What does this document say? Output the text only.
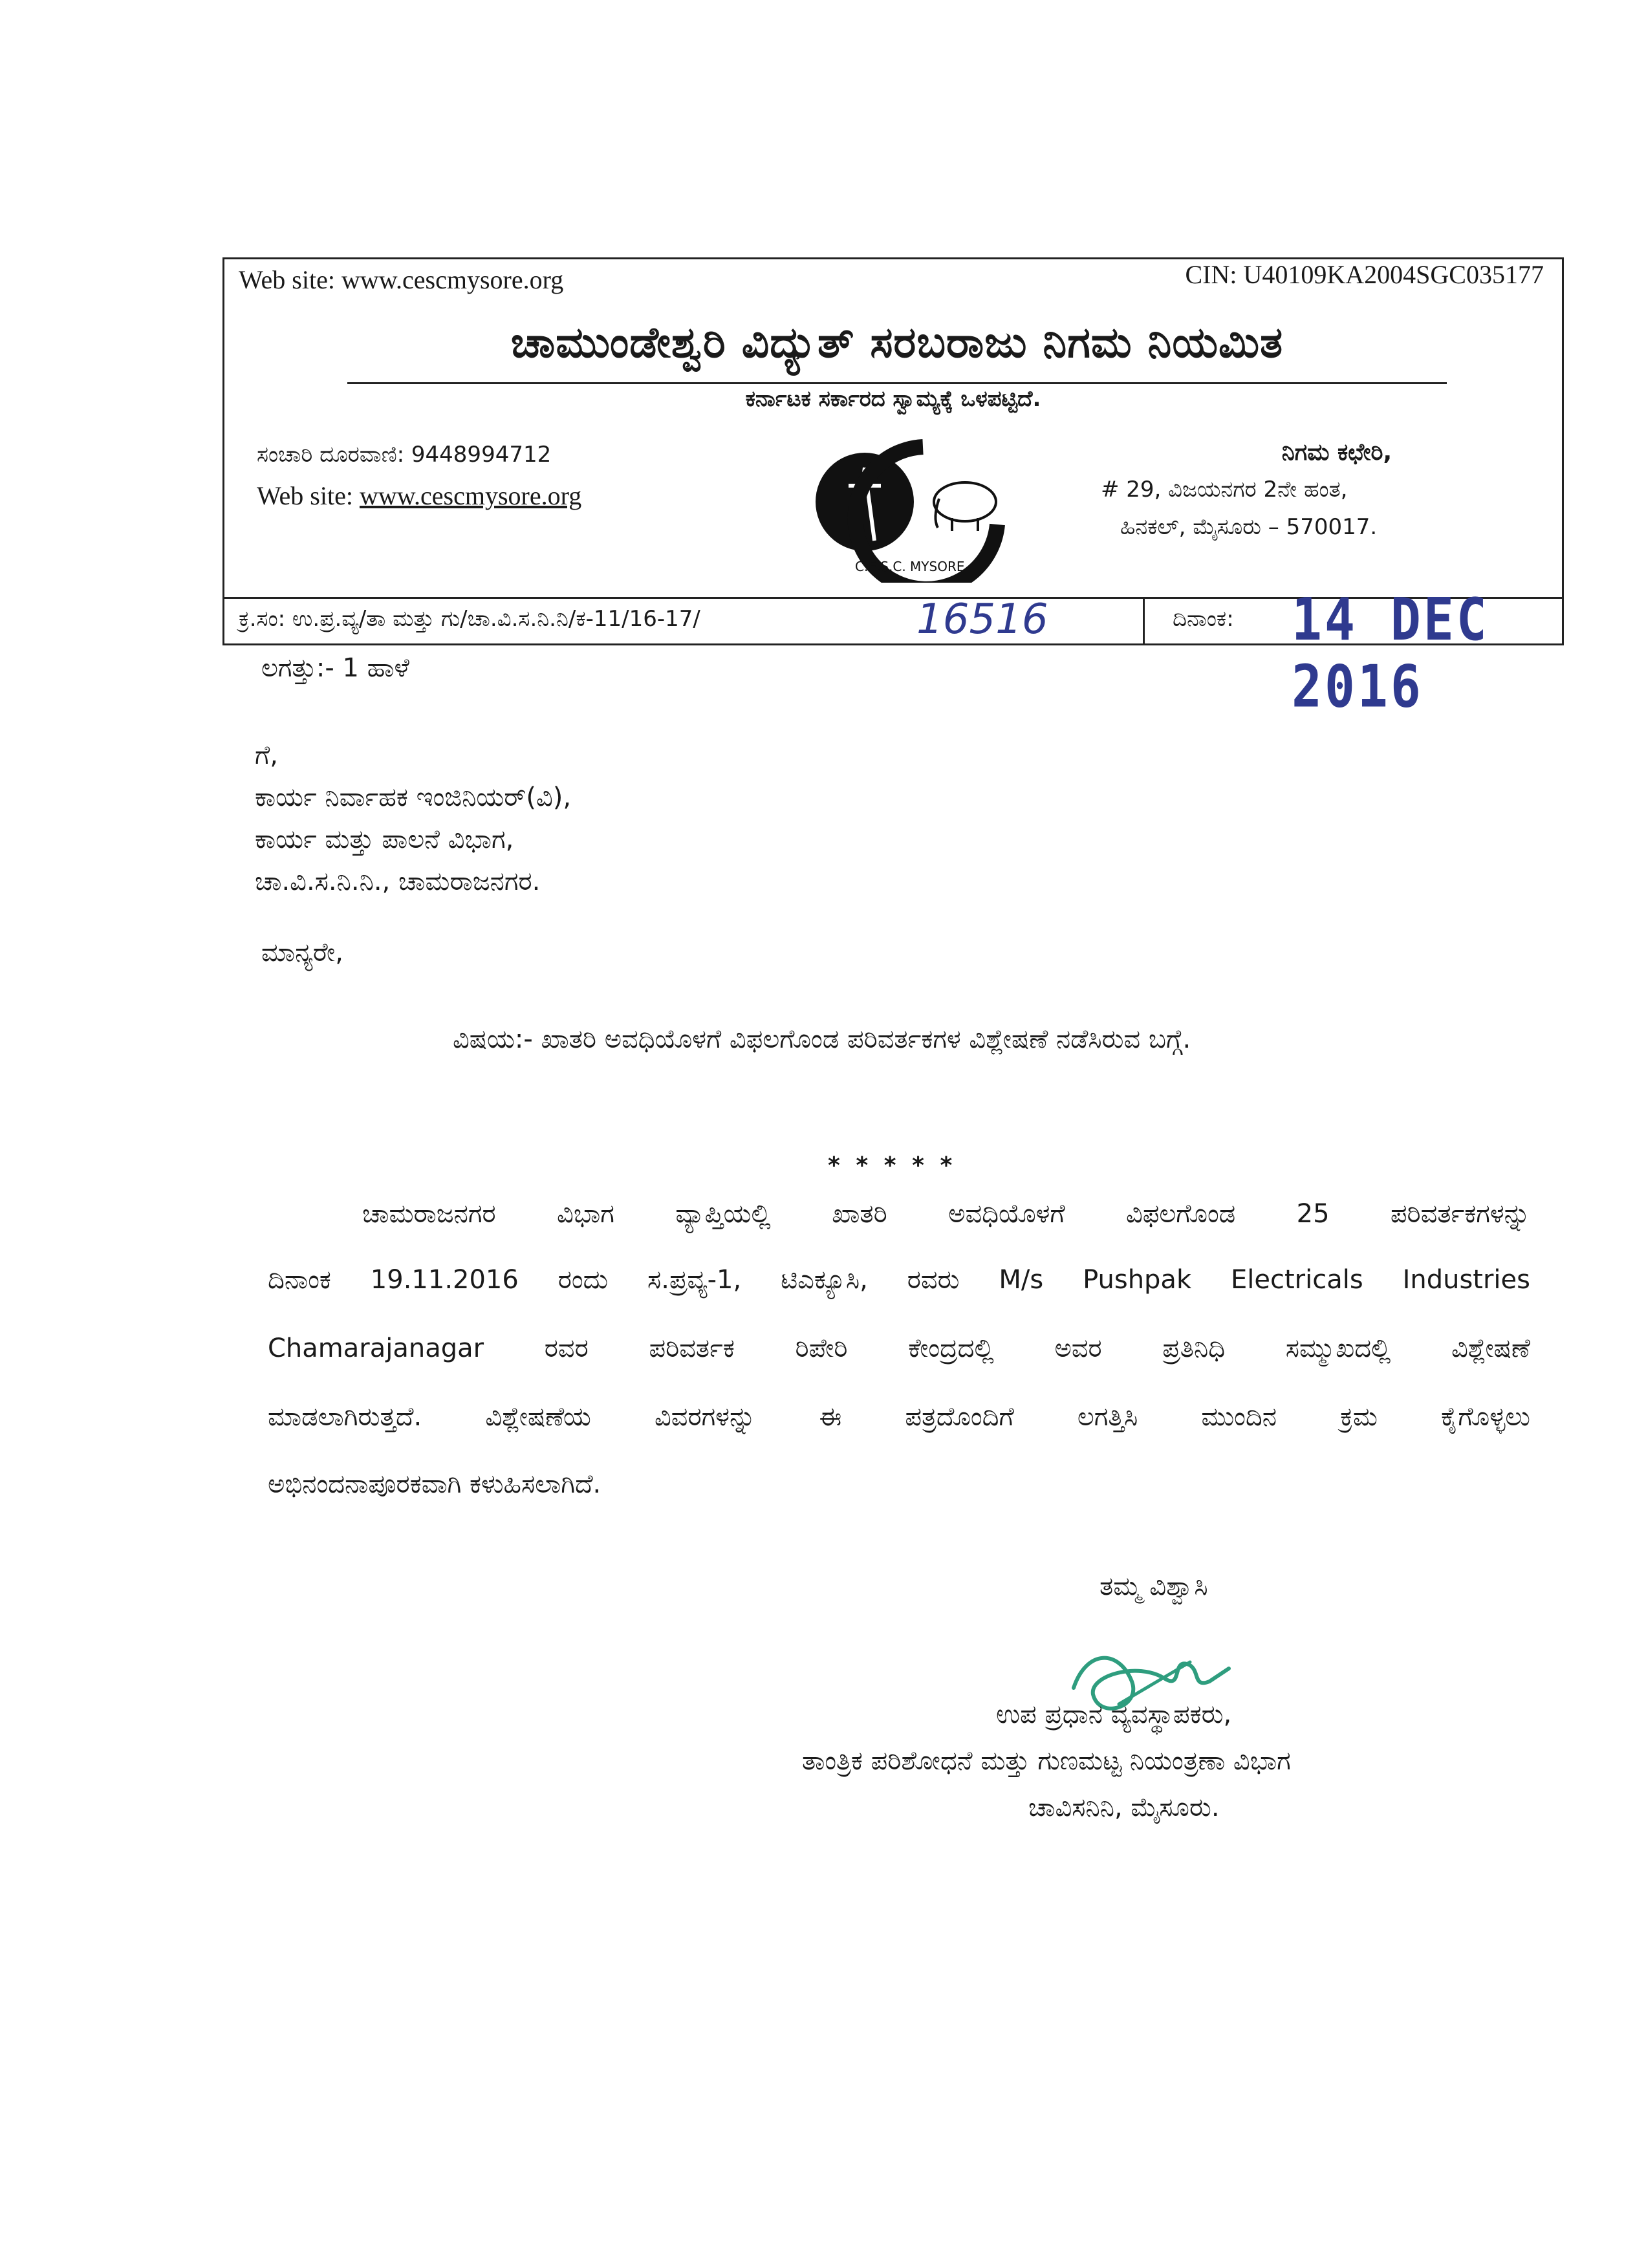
Web site: www.cescmysore.org	CIN: U40109KA2004SGC035177
ಚಾಮುಂಡೇಶ್ವರಿ ವಿದ್ಯುತ್ ಸರಬರಾಜು ನಿಗಮ ನಿಯಮಿತ
ಕರ್ನಾಟಕ ಸರ್ಕಾರದ ಸ್ವಾಮ್ಯಕ್ಕೆ ಒಳಪಟ್ಟಿದೆ.
ಸಂಚಾರಿ ದೂರವಾಣಿ: 9448994712
Web site: www.cescmysore.org
C.E.S.C. MYSORE
ನಿಗಮ ಕಛೇರಿ,
# 29, ವಿಜಯನಗರ 2ನೇ ಹಂತ,
ಹಿನಕಲ್, ಮೈಸೂರು – 570017.
ಕ್ರ.ಸಂ: ಉ.ಪ್ರ.ವ್ಯ/ತಾ ಮತ್ತು ಗು/ಚಾ.ವಿ.ಸ.ನಿ.ನಿ/ಕ-11/16-17/	16516	ದಿನಾಂಕ: 14 DEC 2016
ಲಗತ್ತು:- 1 ಹಾಳೆ
ಗೆ,
ಕಾರ್ಯ ನಿರ್ವಾಹಕ ಇಂಜಿನಿಯರ್(ವಿ),
ಕಾರ್ಯ ಮತ್ತು ಪಾಲನೆ ವಿಭಾಗ,
ಚಾ.ವಿ.ಸ.ನಿ.ನಿ., ಚಾಮರಾಜನಗರ.
ಮಾನ್ಯರೇ,
ವಿಷಯ:- ಖಾತರಿ ಅವಧಿಯೊಳಗೆ ವಿಫಲಗೊಂಡ ಪರಿವರ್ತಕಗಳ ವಿಶ್ಲೇಷಣೆ ನಡೆಸಿರುವ ಬಗ್ಗೆ.
* * * * *
ಚಾಮರಾಜನಗರ ವಿಭಾಗ ವ್ಯಾಪ್ತಿಯಲ್ಲಿ ಖಾತರಿ ಅವಧಿಯೊಳಗೆ ವಿಫಲಗೊಂಡ 25 ಪರಿವರ್ತಕಗಳನ್ನು
ದಿನಾಂಕ 19.11.2016 ರಂದು ಸ.ಪ್ರವ್ಯ-1, ಟಿಎಕ್ಯೂಸಿ, ರವರು M/s Pushpak Electricals Industries
Chamarajanagar ರವರ ಪರಿವರ್ತಕ ರಿಪೇರಿ ಕೇಂದ್ರದಲ್ಲಿ ಅವರ ಪ್ರತಿನಿಧಿ ಸಮ್ಮುಖದಲ್ಲಿ ವಿಶ್ಲೇಷಣೆ
ಮಾಡಲಾಗಿರುತ್ತದೆ. ವಿಶ್ಲೇಷಣೆಯ ವಿವರಗಳನ್ನು ಈ ಪತ್ರದೊಂದಿಗೆ ಲಗತ್ತಿಸಿ ಮುಂದಿನ ಕ್ರಮ ಕೈಗೊಳ್ಳಲು
ಅಭಿನಂದನಾಪೂರಕವಾಗಿ ಕಳುಹಿಸಲಾಗಿದೆ.
ತಮ್ಮ ವಿಶ್ವಾಸಿ
ಉಪ ಪ್ರಧಾನ ವ್ಯವಸ್ಥಾಪಕರು,
ತಾಂತ್ರಿಕ ಪರಿಶೋಧನೆ ಮತ್ತು ಗುಣಮಟ್ಟ ನಿಯಂತ್ರಣಾ ವಿಭಾಗ
ಚಾವಿಸನಿನಿ, ಮೈಸೂರು.
